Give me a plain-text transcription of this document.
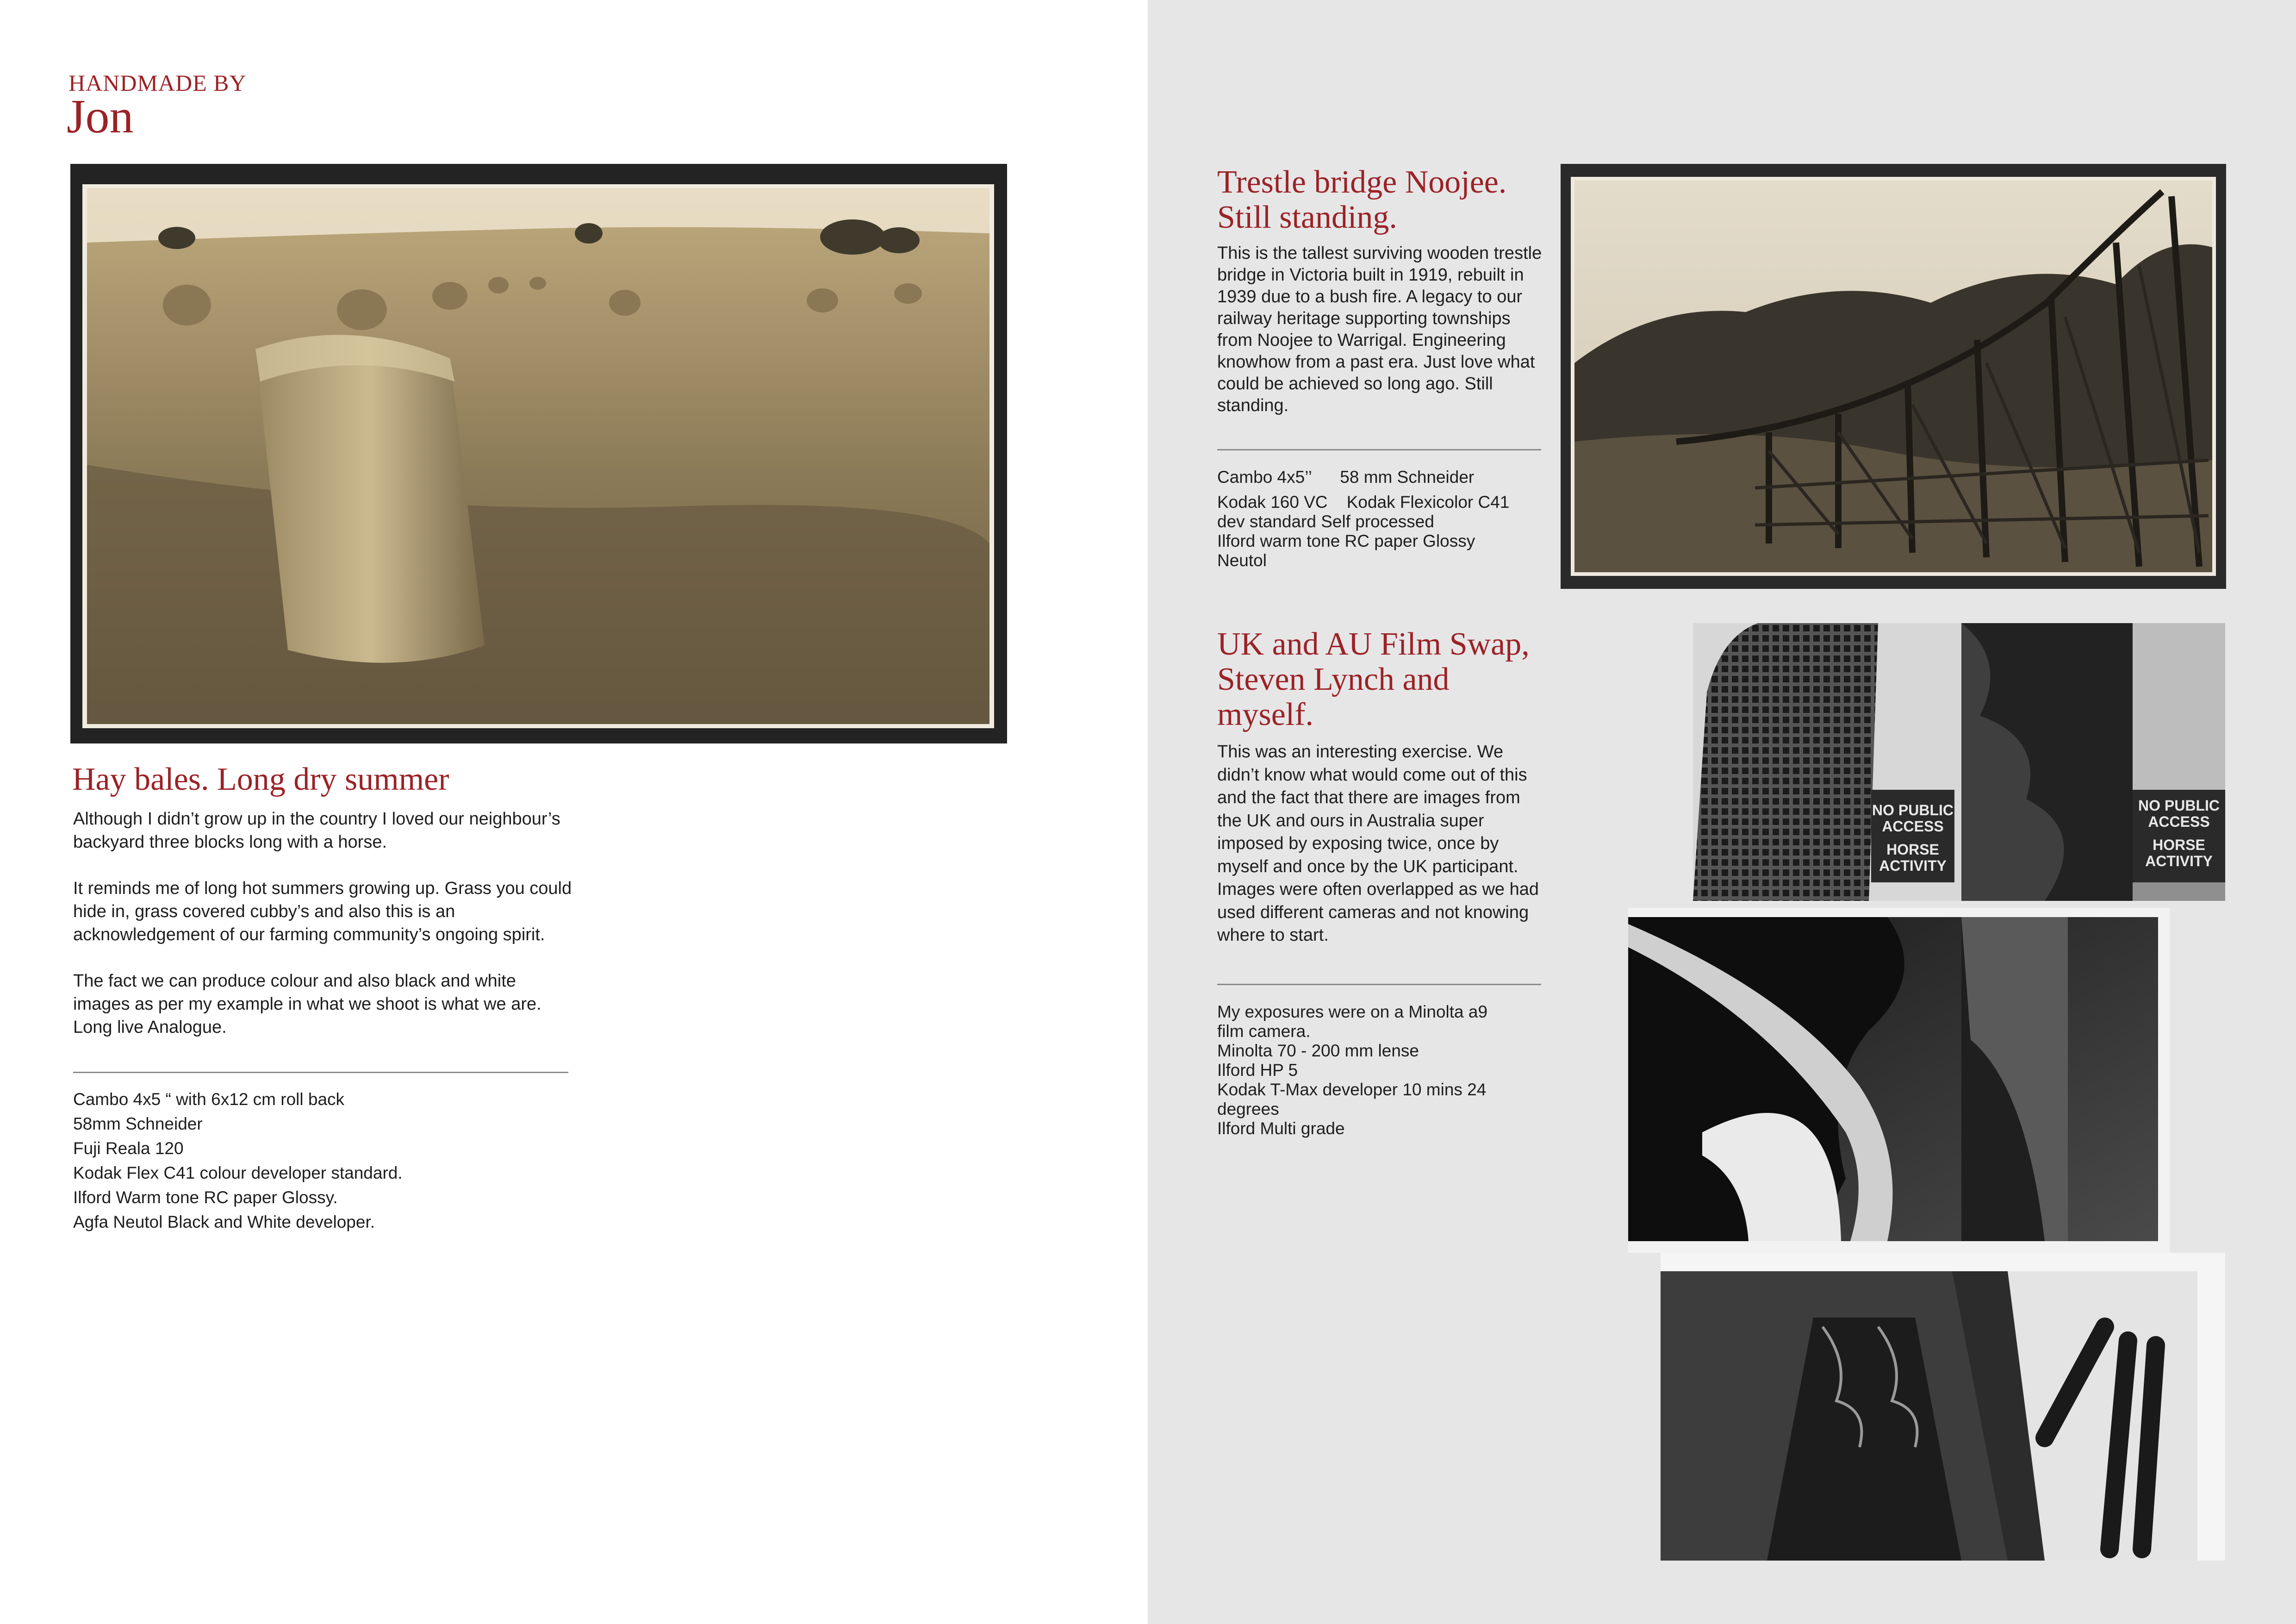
HANDMADE BY
Jon
Hay bales. Long dry summer

Although I didn’t grow up in the country I loved our neighbour’s backyard three blocks long with a horse.

It reminds me of long hot summers growing up. Grass you could hide in, grass covered cubby’s and also this is an acknowledgement of our farming community’s ongoing spirit.

The fact we can produce colour and also black and white images as per my example in what we shoot is what we are. Long live Analogue.

Cambo 4x5 “ with 6x12 cm roll back
58mm Schneider
Fuji Reala 120
Kodak Flex C41 colour developer standard.
Ilford Warm tone RC paper Glossy.
Agfa Neutol Black and White developer.
Trestle bridge Noojee.
Still standing.
This is the tallest surviving wooden trestle bridge in Victoria built in 1919, rebuilt in 1939 due to a bush fire. A legacy to our railway heritage supporting townships from Noojee to Warrigal. Engineering knowhow from a past era. Just love what could be achieved so long ago. Still standing.
Cambo 4x5’’      58 mm Schneider
Kodak 160 VC    Kodak Flexicolor C41
dev standard Self processed
Ilford warm tone RC paper Glossy
Neutol
UK and AU Film Swap,
Steven Lynch and
myself.
This was an interesting exercise. We didn’t know what would come out of this and the fact that there are images from the UK and ours in Australia super imposed by exposing twice, once by myself and once by the UK participant. Images were often overlapped as we had used different cameras and not knowing where to start.
My exposures were on a Minolta a9
film camera.
Minolta 70 - 200 mm lense
Ilford HP 5
Kodak T-Max developer 10 mins 24
degrees
Ilford Multi grade
NO PUBLIC
ACCESS
HORSE
ACTIVITY
NO PUBLIC
ACCESS
HORSE
ACTIVITY
